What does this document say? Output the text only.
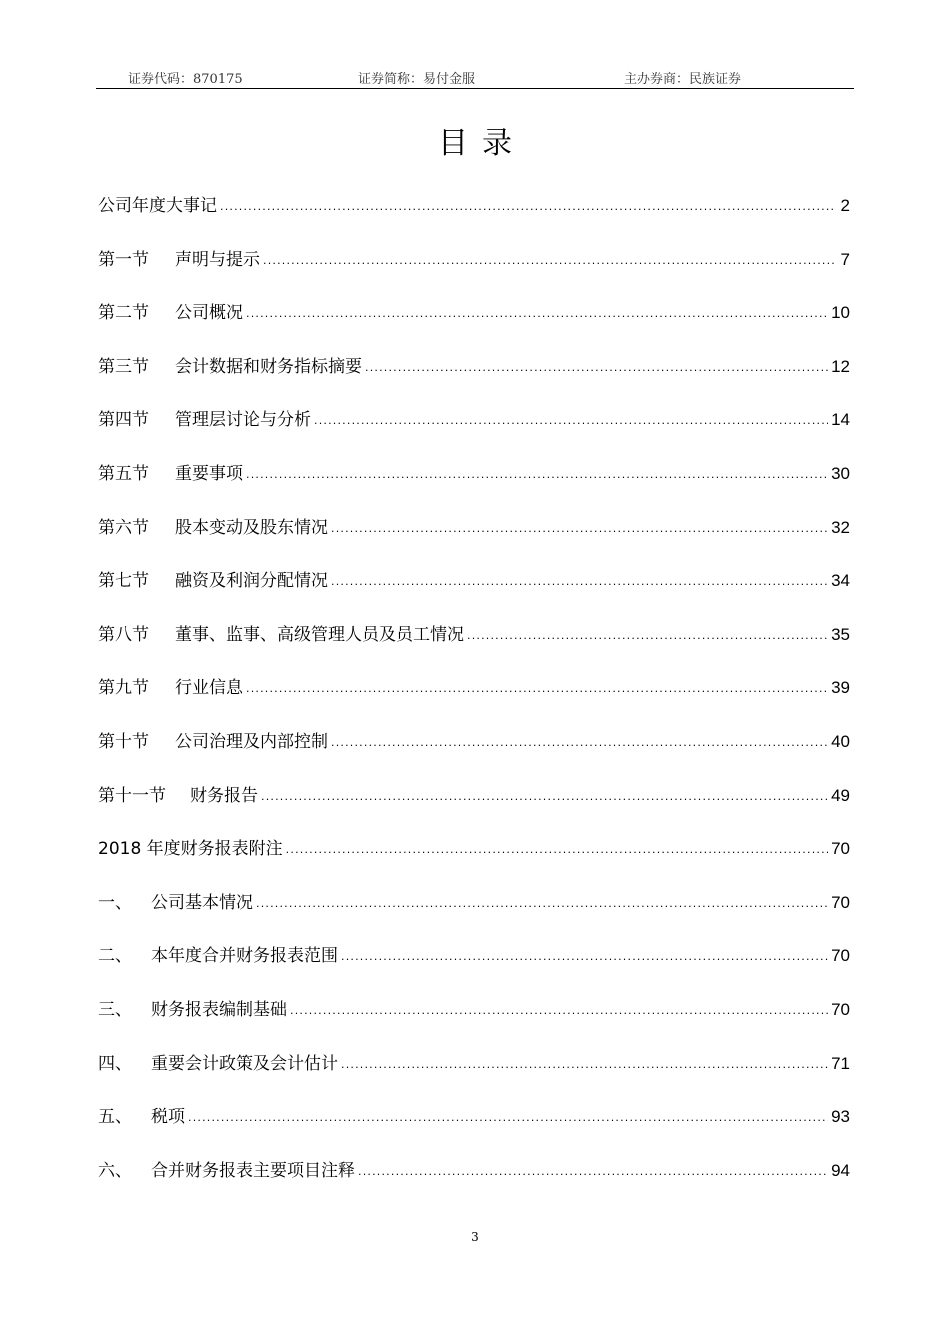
证券代码：870175	证券简称：易付金服	主办券商：民族证券
目录
公司年度大事记 .....	2
第一节 声明与提示 .....	7
第二节 公司概况 .....	10
第三节 会计数据和财务指标摘要 .....	12
第四节 管理层讨论与分析 .....	14
第五节 重要事项 .....	30
第六节 股本变动及股东情况 .....	32
第七节 融资及利润分配情况 .....	34
第八节 董事、监事、高级管理人员及员工情况 .....	35
第九节 行业信息 .....	39
第十节 公司治理及内部控制 .....	40
第十一节 财务报告 .....	49
2018 年度财务报表附注 .....	70
一、 公司基本情况 .....	70
二、 本年度合并财务报表范围 .....	70
三、 财务报表编制基础 .....	70
四、 重要会计政策及会计估计 .....	71
五、 税项 .....	93
六、 合并财务报表主要项目注释 .....	94
3
